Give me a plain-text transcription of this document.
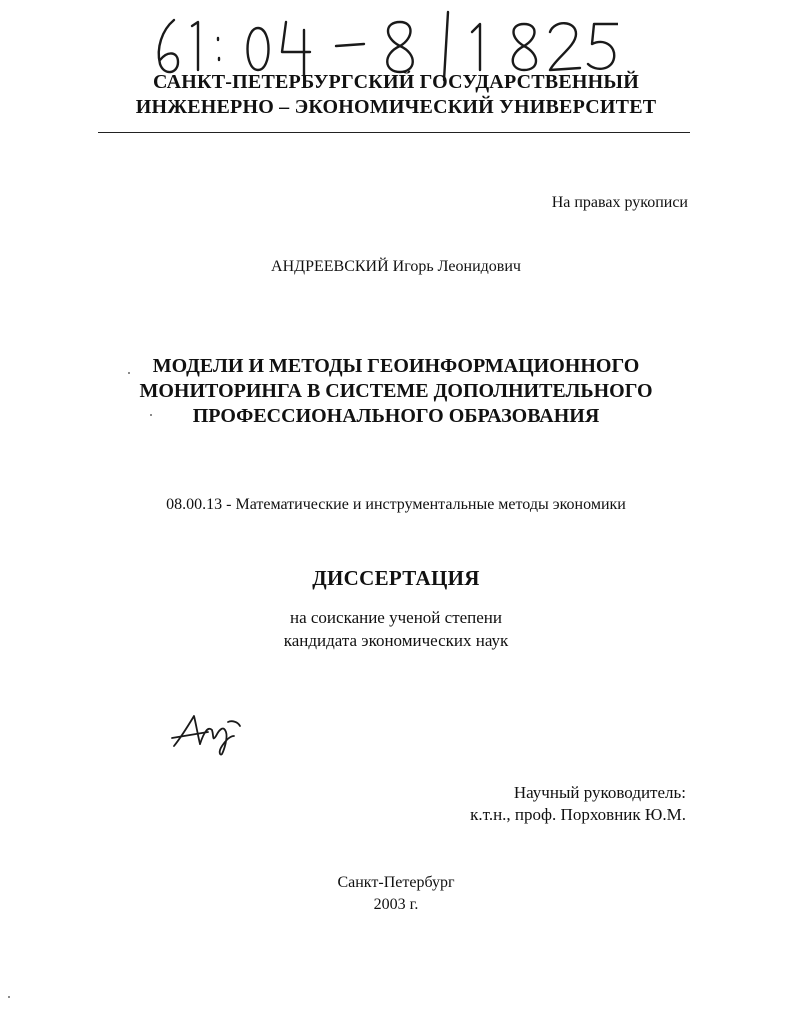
САНКТ-ПЕТЕРБУРГСКИЙ ГОСУДАРСТВЕННЫЙ
ИНЖЕНЕРНО – ЭКОНОМИЧЕСКИЙ УНИВЕРСИТЕТ
На правах рукописи
АНДРЕЕВСКИЙ Игорь Леонидович
МОДЕЛИ И МЕТОДЫ ГЕОИНФОРМАЦИОННОГО
МОНИТОРИНГА В СИСТЕМЕ ДОПОЛНИТЕЛЬНОГО
ПРОФЕССИОНАЛЬНОГО ОБРАЗОВАНИЯ
08.00.13 - Математические и инструментальные методы экономики
ДИССЕРТАЦИЯ
на соискание ученой степени
кандидата экономических наук
Научный руководитель:
к.т.н., проф. Порховник Ю.М.
Санкт-Петербург
2003 г.
